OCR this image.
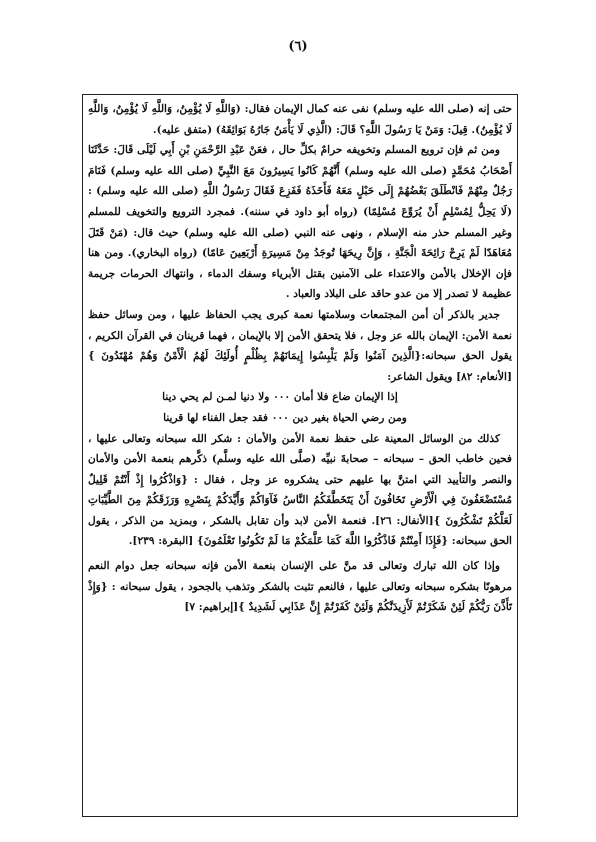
(٦)

حتى إنه (صلى الله عليه وسلم) نفى عنه كمال الإيمان فقال: (وَاللَّهِ لَا يُؤْمِنُ، وَاللَّهِ لَا يُؤْمِنُ، وَاللَّهِ لَا يُؤْمِنُ). قِيلَ: وَمَنْ يَا رَسُولَ اللَّهِ؟ قَالَ: (الَّذِي لَا يَأْمَنُ جَارُهُ بَوَائِقَهُ) (متفق عليه).

ومن ثم فإن ترويع المسلم وتخويفه حرامٌ بكلِّ حال ، فعَنْ عَبْدِ الرَّحْمَنِ بْنِ أَبِي لَيْلَى قَالَ: حَدَّثَنَا أَصْحَابُ مُحَمَّدٍ (صلى الله عليه وسلم) أَنَّهُمْ كَانُوا يَسِيرُونَ مَعَ النَّبِيِّ (صلى الله عليه وسلم) فَنَامَ رَجُلٌ مِنْهُمْ فَانْطَلَقَ بَعْضُهُمْ إِلَى حَبْلٍ مَعَهُ فَأَخَذَهُ فَفَزِعَ فَقَالَ رَسُولُ اللَّهِ (صلى الله عليه وسلم) : (لَا يَحِلُّ لِمُسْلِمٍ أَنْ يُرَوِّعَ مُسْلِمًا) (رواه أبو داود في سننه). فمجرد الترويع والتخويف للمسلم وغير المسلم حذر منه الإسلام ، ونهى عنه النبي (صلى الله عليه وسلم) حيث قال: (مَنْ قَتَلَ مُعَاهَدًا لَمْ يَرِحْ رَائِحَةَ الْجَنَّةِ ، وَإِنَّ رِيحَهَا تُوجَدُ مِنْ مَسِيرَةِ أَرْبَعِينَ عَامًا) (رواه البخاري). ومن هنا فإن الإخلال بالأمن والاعتداء على الآمنين بقتل الأبرياء وسفك الدماء ، وانتهاك الحرمات جريمة عظيمة لا تصدر إلا من عدو حاقد على البلاد والعباد .

جدير بالذكر أن أمن المجتمعات وسلامتها نعمة كبرى يجب الحفاظ عليها ، ومن وسائل حفظ نعمة الأمن: الإيمان بالله عز وجل ، فلا يتحقق الأمن إلا بالإيمان ، فهما قرينان في القرآن الكريم ، يقول الحق سبحانه:{الَّذِينَ آمَنُوا وَلَمْ يَلْبِسُوا إِيمَانَهُمْ بِظُلْمٍ أُولَئِكَ لَهُمُ الْأَمْنُ وَهُمْ مُهْتَدُونَ } [الأنعام: ٨٢] ويقول الشاعر:

إذا الإيمان ضاع فلا أمان ٠٠٠ ولا دنيا لمـن لم يحي دينا
ومن رضي الحياة بغير دين ٠٠٠ فقد جعل الفناء لها قرينا

كذلك من الوسائل المعينة على حفظ نعمة الأمن والأمان : شكر الله سبحانه وتعالى عليها ، فحين خاطب الحق – سبحانه – صحابةَ نبيِّه (صلَّى الله عليه وسلَّم) ذكَّرهم بنعمة الأمن والأمان والنصر والتأييد التي امتنَّ بها عليهم حتى يشكروه عز وجل ، فقال : {وَاذْكُرُوا إِذْ أَنْتُمْ قَلِيلٌ مُسْتَضْعَفُونَ فِي الْأَرْضِ تَخَافُونَ أَنْ يَتَخَطَّفَكُمُ النَّاسُ فَآوَاكُمْ وَأَيَّدَكُمْ بِنَصْرِهِ وَرَزَقَكُمْ مِنَ الطَّيِّبَاتِ لَعَلَّكُمْ تَشْكُرُونَ }[الأنفال: ٢٦]. فنعمة الأمن لابد وأن تقابل بالشكر ، وبمزيد من الذكر ، يقول الحق سبحانه: {فَإِذَا أَمِنْتُمْ فَاذْكُرُوا اللَّهَ كَمَا عَلَّمَكُمْ مَا لَمْ تَكُونُوا تَعْلَمُونَ} [البقرة: ٢٣٩].

وإذا كان الله تبارك وتعالى قد منَّ على الإنسان بنعمة الأمن فإنه سبحانه جعل دوام النعم مرهونًا بشكره سبحانه وتعالى عليها ، فالنعم تثبت بالشكر وتذهب بالجحود ، يقول سبحانه : {وَإِذْ تَأَذَّنَ رَبُّكُمْ لَئِنْ شَكَرْتُمْ لَأَزِيدَنَّكُمْ وَلَئِنْ كَفَرْتُمْ إِنَّ عَذَابِي لَشَدِيدٌ }[إبراهيم: ٧]
